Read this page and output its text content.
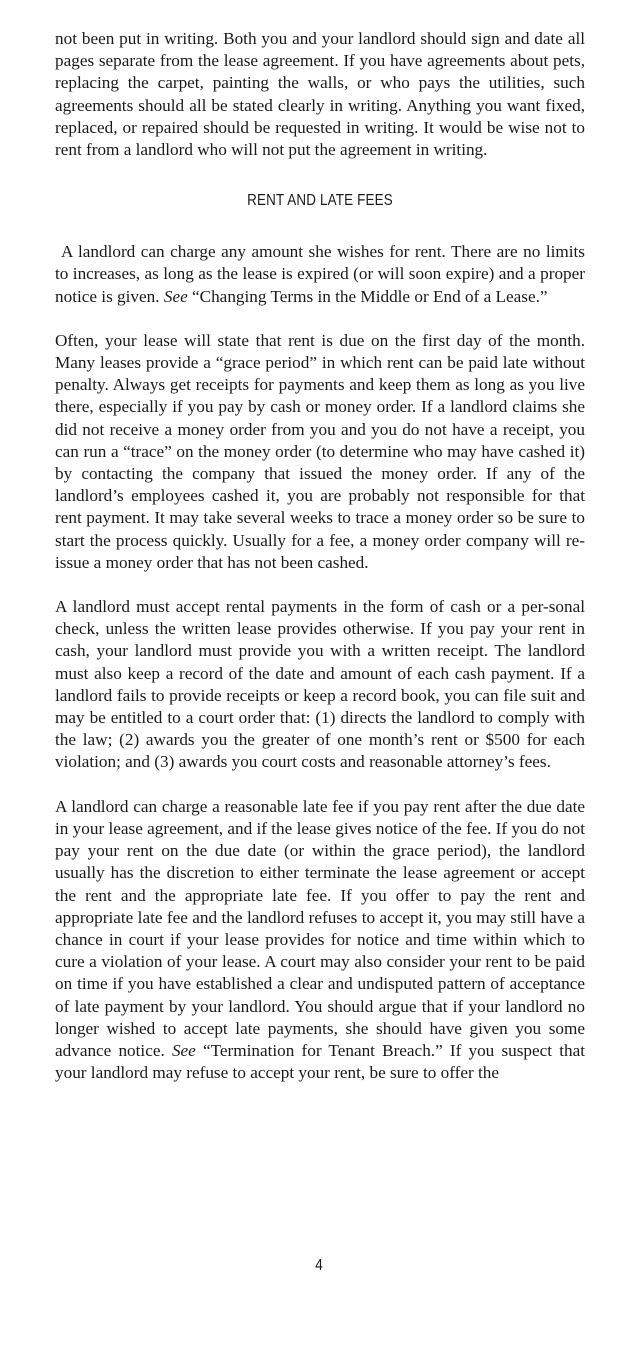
not been put in writing. Both you and your landlord should sign and date all pages separate from the lease agreement. If you have agreements about pets, replacing the carpet, painting the walls, or who pays the utilities, such agreements should all be stated clearly in writing. Anything you want fixed, replaced, or repaired should be requested in writing. It would be wise not to rent from a landlord who will not put the agreement in writing.

RENT AND LATE FEES

A landlord can charge any amount she wishes for rent. There are no limits to increases, as long as the lease is expired (or will soon expire) and a proper notice is given. See “Changing Terms in the Middle or End of a Lease.”

Often, your lease will state that rent is due on the first day of the month. Many leases provide a “grace period” in which rent can be paid late without penalty. Always get receipts for payments and keep them as long as you live there, especially if you pay by cash or money order. If a landlord claims she did not receive a money order from you and you do not have a receipt, you can run a “trace” on the money order (to determine who may have cashed it) by contacting the company that issued the money order. If any of the landlord’s employees cashed it, you are probably not responsible for that rent payment. It may take several weeks to trace a money order so be sure to start the process quickly. Usually for a fee, a money order company will re-issue a money order that has not been cashed.

A landlord must accept rental payments in the form of cash or a per-sonal check, unless the written lease provides otherwise. If you pay your rent in cash, your landlord must provide you with a written receipt. The landlord must also keep a record of the date and amount of each cash payment. If a landlord fails to provide receipts or keep a record book, you can file suit and may be entitled to a court order that: (1) directs the landlord to comply with the law; (2) awards you the greater of one month’s rent or $500 for each violation; and (3) awards you court costs and reasonable attorney’s fees.

A landlord can charge a reasonable late fee if you pay rent after the due date in your lease agreement, and if the lease gives notice of the fee. If you do not pay your rent on the due date (or within the grace period), the landlord usually has the discretion to either terminate the lease agreement or accept the rent and the appropriate late fee. If you offer to pay the rent and appropriate late fee and the landlord refuses to accept it, you may still have a chance in court if your lease provides for notice and time within which to cure a violation of your lease. A court may also consider your rent to be paid on time if you have established a clear and undisputed pattern of acceptance of late payment by your landlord. You should argue that if your landlord no longer wished to accept late payments, she should have given you some advance notice. See “Termination for Tenant Breach.” If you suspect that your landlord may refuse to accept your rent, be sure to offer the

4
